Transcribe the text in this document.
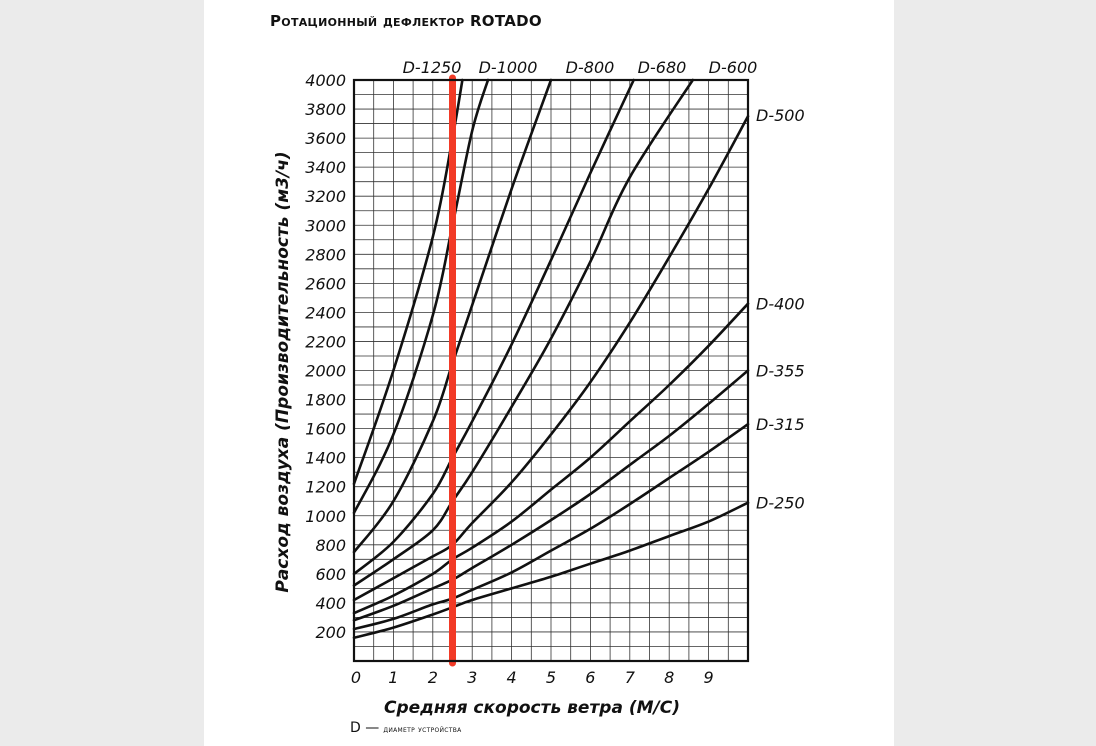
Ротационный дефлектор ROTADO
200
400
600
800
1000
1200
1400
1600
1800
2000
2200
2400
2600
2800
3000
3200
3400
3600
3800
4000
0 1 2 3 4 5 6 7 8 9
D-1250 D-1000 D-800 D-680 D-600
D-500
D-400
D-355
D-315
D-250
Средняя скорость ветра (М/С)
Расход воздуха (Производительность (м3/ч)
D — диаметр устройства
